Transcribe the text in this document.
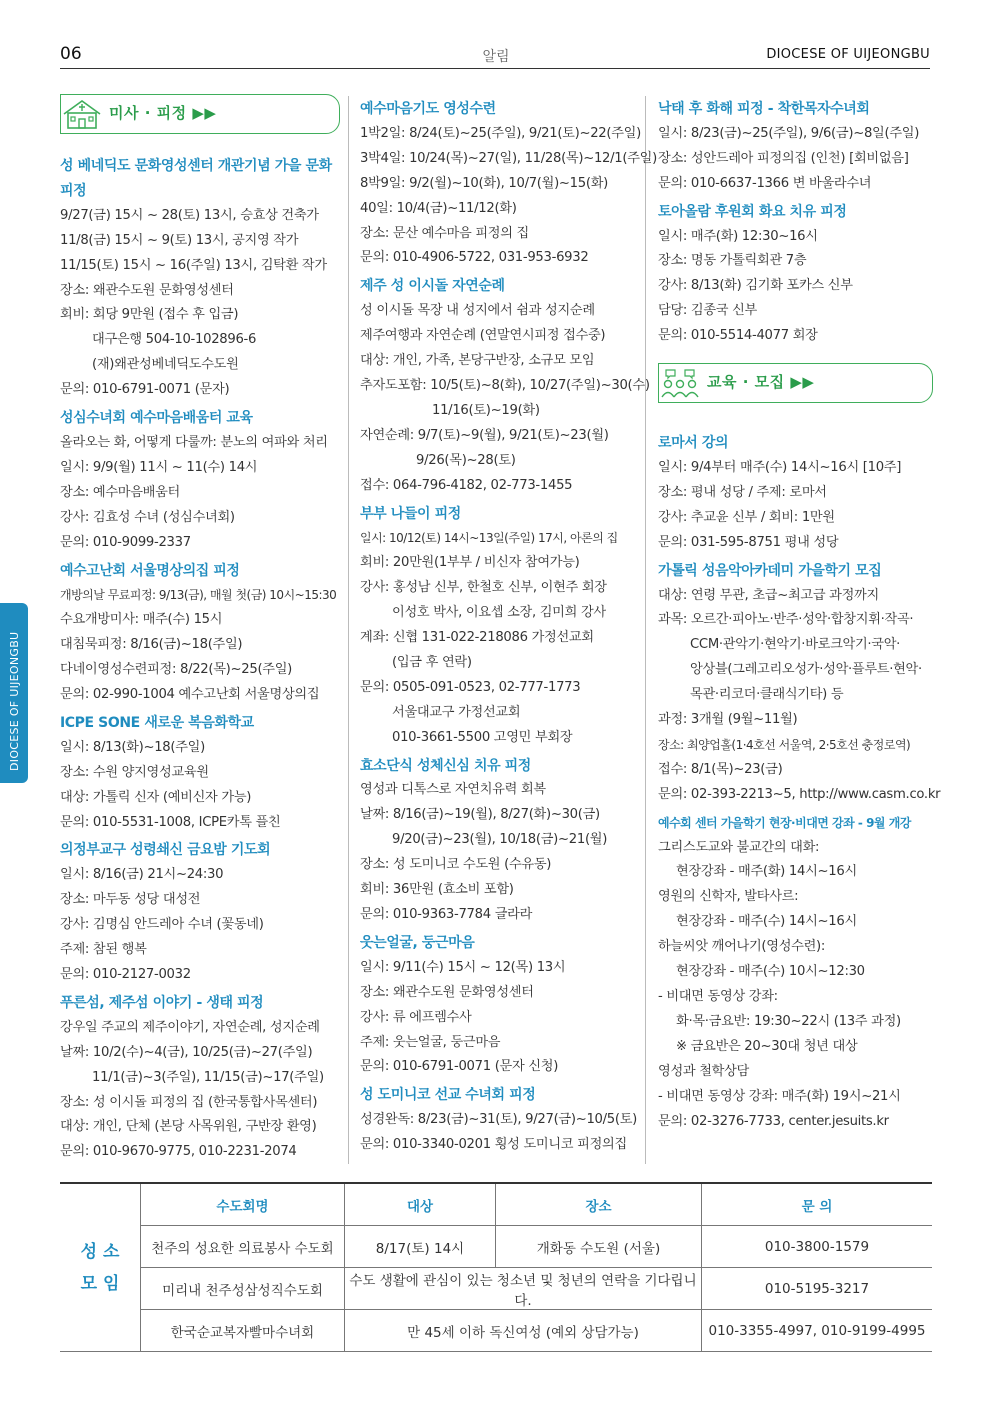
06	알림	DIOCESE OF UIJEONGBU
DIOCESE OF UIJEONGBU
미사 · 피정 ▶▶
성 베네딕도 문화영성센터 개관기념 가을 문화 피정
9/27(금) 15시 ~ 28(토) 13시, 승효상 건축가
11/8(금) 15시 ~ 9(토) 13시, 공지영 작가
11/15(토) 15시 ~ 16(주일) 13시, 김탁환 작가
장소: 왜관수도원 문화영성센터
회비: 회당 9만원 (접수 후 입금)
대구은행 504-10-102896-6
(재)왜관성베네딕도수도원
문의: 010-6791-0071 (문자)
성심수녀회 예수마음배움터 교육
올라오는 화, 어떻게 다룰까: 분노의 여파와 처리
일시: 9/9(월) 11시 ~ 11(수) 14시
장소: 예수마음배움터
강사: 김효성 수녀 (성심수녀회)
문의: 010-9099-2337
예수고난회 서울명상의집 피정
개방의날 무료피정: 9/13(금), 매월 첫(금) 10시~15:30
수요개방미사: 매주(수) 15시
대침묵피정: 8/16(금)~18(주일)
다네이영성수련피정: 8/22(목)~25(주일)
문의: 02-990-1004 예수고난회 서울명상의집
ICPE SONE 새로운 복음화학교
일시: 8/13(화)~18(주일)
장소: 수원 양지영성교육원
대상: 가톨릭 신자 (예비신자 가능)
문의: 010-5531-1008, ICPE카톡 플친
의정부교구 성령쇄신 금요밤 기도회
일시: 8/16(금) 21시~24:30
장소: 마두동 성당 대성전
강사: 김명심 안드레아 수녀 (꽃동네)
주제: 참된 행복
문의: 010-2127-0032
푸른섬, 제주섬 이야기 - 생태 피정
강우일 주교의 제주이야기, 자연순례, 성지순례
날짜: 10/2(수)~4(금), 10/25(금)~27(주일)
11/1(금)~3(주일), 11/15(금)~17(주일)
장소: 성 이시돌 피정의 집 (한국통합사목센터)
대상: 개인, 단체 (본당 사목위원, 구반장 환영)
문의: 010-9670-9775, 010-2231-2074
예수마음기도 영성수련
1박2일: 8/24(토)~25(주일), 9/21(토)~22(주일)
3박4일: 10/24(목)~27(일), 11/28(목)~12/1(주일)
8박9일: 9/2(월)~10(화), 10/7(월)~15(화)
40일: 10/4(금)~11/12(화)
장소: 문산 예수마음 피정의 집
문의: 010-4906-5722, 031-953-6932
제주 성 이시돌 자연순례
성 이시돌 목장 내 성지에서 쉼과 성지순례
제주여행과 자연순례 (연말연시피정 접수중)
대상: 개인, 가족, 본당구반장, 소규모 모임
추자도포함: 10/5(토)~8(화), 10/27(주일)~30(수)
11/16(토)~19(화)
자연순례: 9/7(토)~9(월), 9/21(토)~23(월)
9/26(목)~28(토)
접수: 064-796-4182, 02-773-1455
부부 나들이 피정
일시: 10/12(토) 14시~13일(주일) 17시, 아론의 집
회비: 20만원(1부부 / 비신자 참여가능)
강사: 홍성남 신부, 한철호 신부, 이현주 회장
이성호 박사, 이요셉 소장, 김미희 강사
계좌: 신협 131-022-218086 가정선교회
(입금 후 연락)
문의: 0505-091-0523, 02-777-1773
서울대교구 가정선교회
010-3661-5500 고영민 부회장
효소단식 성체신심 치유 피정
영성과 디톡스로 자연치유력 회복
날짜: 8/16(금)~19(월), 8/27(화)~30(금)
9/20(금)~23(월), 10/18(금)~21(월)
장소: 성 도미니코 수도원 (수유동)
회비: 36만원 (효소비 포함)
문의: 010-9363-7784 글라라
웃는얼굴, 둥근마음
일시: 9/11(수) 15시 ~ 12(목) 13시
장소: 왜관수도원 문화영성센터
강사: 류 에프렘수사
주제: 웃는얼굴, 둥근마음
문의: 010-6791-0071 (문자 신청)
성 도미니코 선교 수녀회 피정
성경완독: 8/23(금)~31(토), 9/27(금)~10/5(토)
문의: 010-3340-0201 횡성 도미니코 피정의집
낙태 후 화해 피정 - 착한목자수녀회
일시: 8/23(금)~25(주일), 9/6(금)~8일(주일)
장소: 성안드레아 피정의집 (인천) [회비없음]
문의: 010-6637-1366 변 바울라수녀
토아올람 후원회 화요 치유 피정
일시: 매주(화) 12:30~16시
장소: 명동 가톨릭회관 7층
강사: 8/13(화) 김기화 포카스 신부
담당: 김종국 신부
문의: 010-5514-4077 회장
교육 · 모집 ▶▶
로마서 강의
일시: 9/4부터 매주(수) 14시~16시 [10주]
장소: 평내 성당 / 주제: 로마서
강사: 추교윤 신부 / 회비: 1만원
문의: 031-595-8751 평내 성당
가톨릭 성음악아카데미 가을학기 모집
대상: 연령 무관, 초급~최고급 과정까지
과목: 오르간·피아노·반주·성악·합창지휘·작곡·
CCM·관악기·현악기·바로크악기·국악·
앙상블(그레고리오성가·성악·플루트·현악·
목관·리코더·클래식기타) 등
과정: 3개월 (9월~11월)
장소: 최양업홀(1·4호선 서울역, 2·5호선 충정로역)
접수: 8/1(목)~23(금)
문의: 02-393-2213~5, http://www.casm.co.kr
예수회 센터 가을학기 현장·비대면 강좌 - 9월 개강
그리스도교와 불교간의 대화:
현장강좌 - 매주(화) 14시~16시
영원의 신학자, 발타사르:
현장강좌 - 매주(수) 14시~16시
하늘씨앗 깨어나기(영성수련):
현장강좌 - 매주(수) 10시~12:30
- 비대면 동영상 강좌:
화·목·금요반: 19:30~22시 (13주 과정)
※ 금요반은 20~30대 청년 대상
영성과 철학상담
- 비대면 동영상 강좌: 매주(화) 19시~21시
문의: 02-3276-7733, center.jesuits.kr
성 소
모 임	수도회명	대상	장소	문 의
	천주의 성요한 의료봉사 수도회	8/17(토) 14시	개화동 수도원 (서울)	010-3800-1579
	미리내 천주성삼성직수도회	수도 생활에 관심이 있는 청소년 및 청년의 연락을 기다립니다.		010-5195-3217
	한국순교복자빨마수녀회	만 45세 이하 독신여성 (예외 상담가능)		010-3355-4997, 010-9199-4995
